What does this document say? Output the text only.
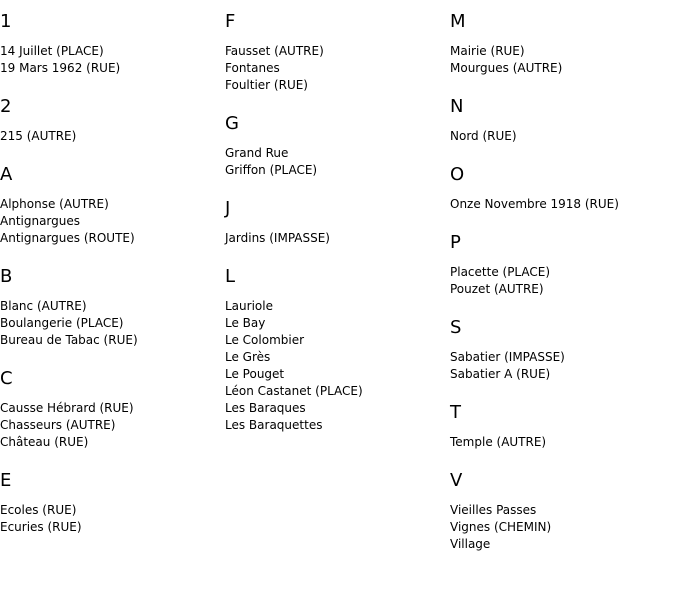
1
14 Juillet (PLACE)
19 Mars 1962 (RUE)
2
215 (AUTRE)
A
Alphonse (AUTRE)
Antignargues
Antignargues (ROUTE)
B
Blanc (AUTRE)
Boulangerie (PLACE)
Bureau de Tabac (RUE)
C
Causse Hébrard (RUE)
Chasseurs (AUTRE)
Château (RUE)
E
Ecoles (RUE)
Ecuries (RUE)
F
Fausset (AUTRE)
Fontanes
Foultier (RUE)
G
Grand Rue
Griffon (PLACE)
J
Jardins (IMPASSE)
L
Lauriole
Le Bay
Le Colombier
Le Grès
Le Pouget
Léon Castanet (PLACE)
Les Baraques
Les Baraquettes
M
Mairie (RUE)
Mourgues (AUTRE)
N
Nord (RUE)
O
Onze Novembre 1918 (RUE)
P
Placette (PLACE)
Pouzet (AUTRE)
S
Sabatier (IMPASSE)
Sabatier A (RUE)
T
Temple (AUTRE)
V
Vieilles Passes
Vignes (CHEMIN)
Village
